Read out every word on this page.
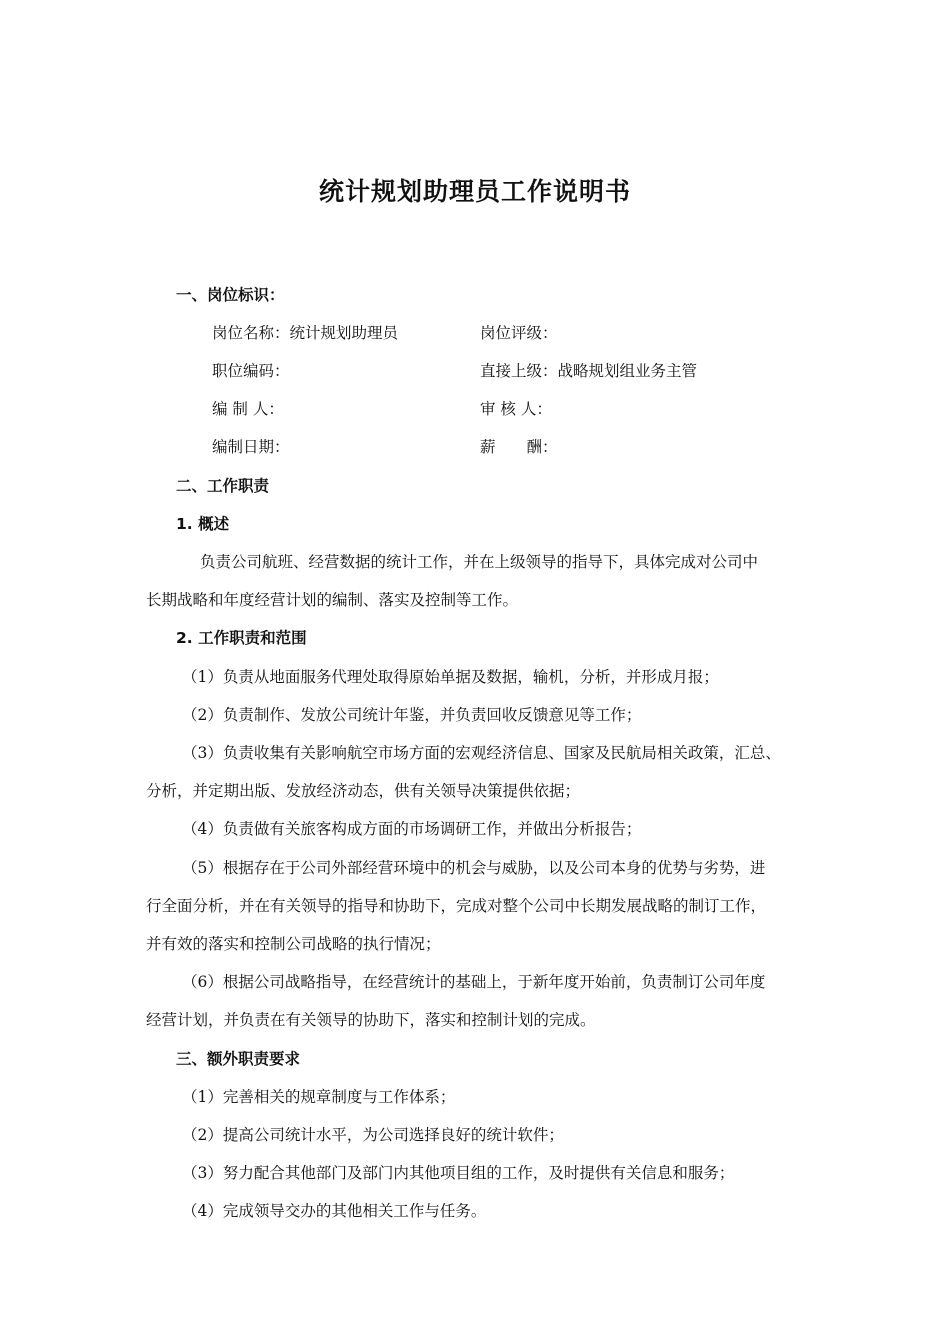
统计规划助理员工作说明书
一、岗位标识：
岗位名称：统计规划助理员	岗位评级：
职位编码：	直接上级：战略规划组业务主管
编 制 人：	审 核 人：
编制日期：	薪　　酬：
二、工作职责
1. 概述
负责公司航班、经营数据的统计工作，并在上级领导的指导下，具体完成对公司中
长期战略和年度经营计划的编制、落实及控制等工作。
2. 工作职责和范围
（1）负责从地面服务代理处取得原始单据及数据，输机，分析，并形成月报；
（2）负责制作、发放公司统计年鉴，并负责回收反馈意见等工作；
（3）负责收集有关影响航空市场方面的宏观经济信息、国家及民航局相关政策，汇总、
分析，并定期出版、发放经济动态，供有关领导决策提供依据；
（4）负责做有关旅客构成方面的市场调研工作，并做出分析报告；
（5）根据存在于公司外部经营环境中的机会与威胁，以及公司本身的优势与劣势，进
行全面分析，并在有关领导的指导和协助下，完成对整个公司中长期发展战略的制订工作，
并有效的落实和控制公司战略的执行情况；
（6）根据公司战略指导，在经营统计的基础上，于新年度开始前，负责制订公司年度
经营计划，并负责在有关领导的协助下，落实和控制计划的完成。
三、额外职责要求
（1）完善相关的规章制度与工作体系；
（2）提高公司统计水平，为公司选择良好的统计软件；
（3）努力配合其他部门及部门内其他项目组的工作，及时提供有关信息和服务；
（4）完成领导交办的其他相关工作与任务。
